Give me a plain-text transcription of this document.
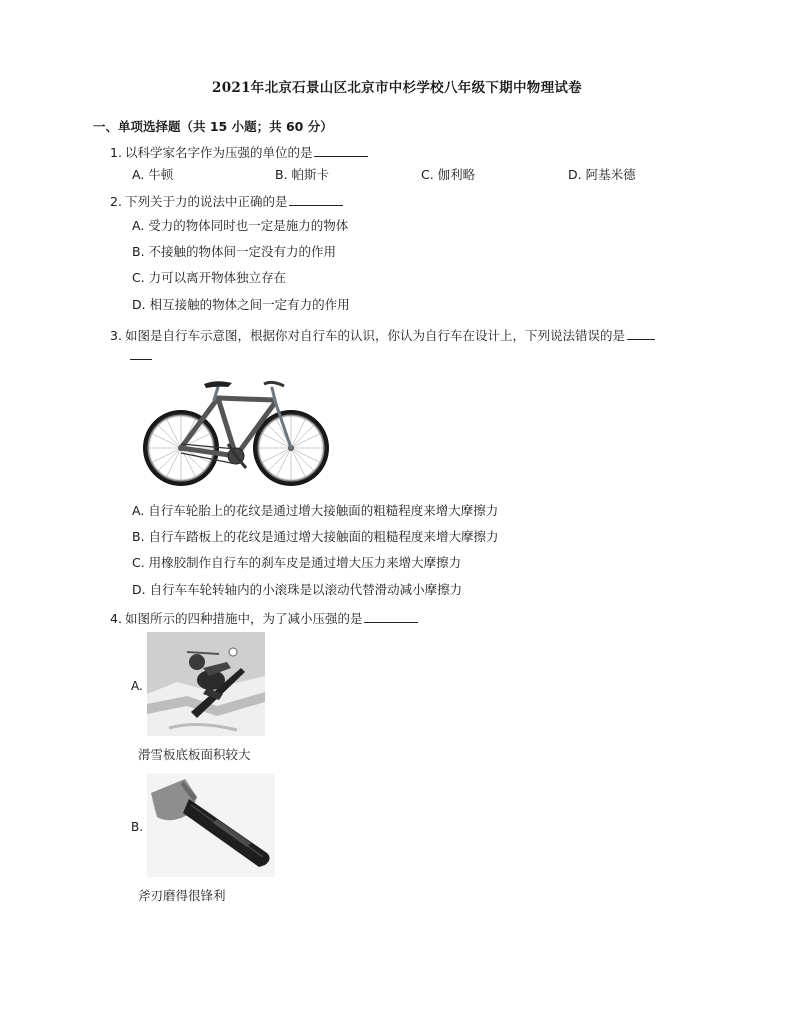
2021年北京石景山区北京市中杉学校八年级下期中物理试卷
一、单项选择题（共 15 小题；共 60 分）
1. 以科学家名字作为压强的单位的是
A. 牛顿	B. 帕斯卡	C. 伽利略	D. 阿基米德
2. 下列关于力的说法中正确的是
A. 受力的物体同时也一定是施力的物体
B. 不接触的物体间一定没有力的作用
C. 力可以离开物体独立存在
D. 相互接触的物体之间一定有力的作用
3. 如图是自行车示意图，根据你对自行车的认识，你认为自行车在设计上，下列说法错误的是
A. 自行车轮胎上的花纹是通过增大接触面的粗糙程度来增大摩擦力
B. 自行车踏板上的花纹是通过增大接触面的粗糙程度来增大摩擦力
C. 用橡胶制作自行车的刹车皮是通过增大压力来增大摩擦力
D. 自行车车轮转轴内的小滚珠是以滚动代替滑动减小摩擦力
4. 如图所示的四种措施中，为了减小压强的是
A.
滑雪板底板面积较大
B.
斧刃磨得很锋利
